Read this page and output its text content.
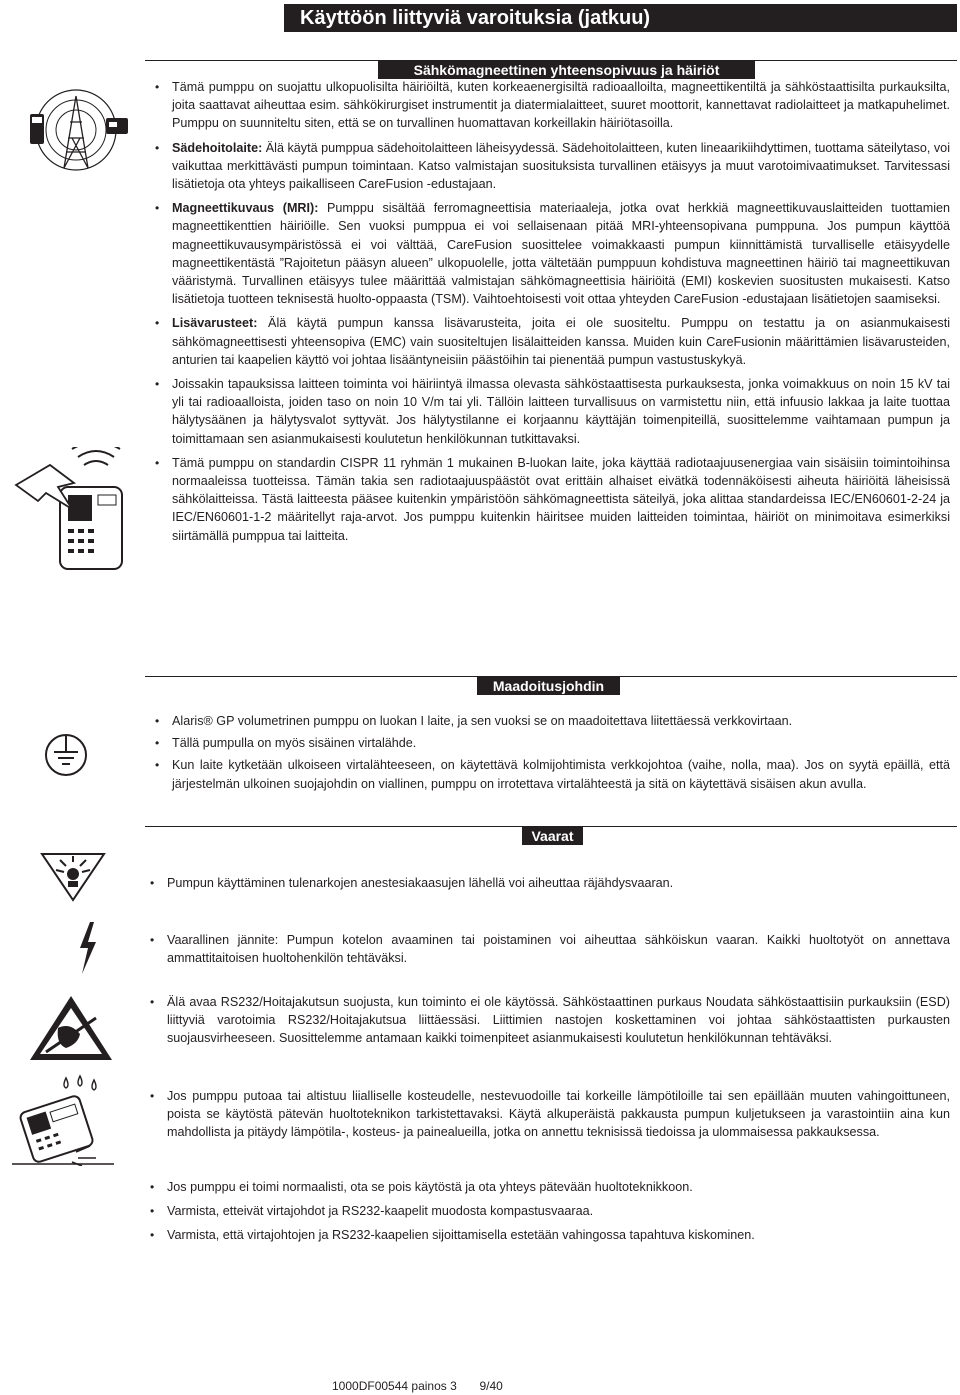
Käyttöön liittyviä varoituksia (jatkuu)
Sähkömagneettinen yhteensopivuus ja häiriöt
• Tämä pumppu on suojattu ulkopuolisilta häiriöiltä, kuten korkeaenergisiltä radioaalloilta, magneettikentiltä ja sähköstaattisilta purkauksilta, joita saattavat aiheuttaa esim. sähkökirurgiset instrumentit ja diatermialaitteet, suuret moottorit, kannettavat radiolaitteet ja matkapuhelimet. Pumppu on suunniteltu siten, että se on turvallinen huomattavan korkeillakin häiriötasoilla.
• Sädehoitolaite: Älä käytä pumppua sädehoitolaitteen läheisyydessä. Sädehoitolaitteen, kuten lineaarikiihdyttimen, tuottama säteilytaso, voi vaikuttaa merkittävästi pumpun toimintaan. Katso valmistajan suosituksista turvallinen etäisyys ja muut varotoimivaatimukset. Tarvitessasi lisätietoja ota yhteys paikalliseen CareFusion -edustajaan.
• Magneettikuvaus (MRI): Pumppu sisältää ferromagneettisia materiaaleja, jotka ovat herkkiä magneettikuvauslaitteiden tuottamien magneettikenttien häiriöille. Sen vuoksi pumppua ei voi sellaisenaan pitää MRI-yhteensopivana pumppuna. Jos pumpun käyttöä magneettikuvausympäristössä ei voi välttää, CareFusion suosittelee voimakkaasti pumpun kiinnittämistä turvalliselle etäisyydelle magneettikentästä ”Rajoitetun pääsyn alueen” ulkopuolelle, jotta vältetään pumppuun kohdistuva magneettinen häiriö tai magneettikuvan vääristymä. Turvallinen etäisyys tulee määrittää valmistajan sähkömagneettisia häiriöitä (EMI) koskevien suositusten mukaisesti. Katso lisätietoja tuotteen teknisestä huolto-oppaasta (TSM). Vaihtoehtoisesti voit ottaa yhteyden CareFusion -edustajaan lisätietojen saamiseksi.
• Lisävarusteet: Älä käytä pumpun kanssa lisävarusteita, joita ei ole suositeltu. Pumppu on testattu ja on asianmukaisesti sähkömagneettisesti yhteensopiva (EMC) vain suositeltujen lisälaitteiden kanssa. Muiden kuin CareFusionin määrittämien lisävarusteiden, anturien tai kaapelien käyttö voi johtaa lisääntyneisiin päästöihin tai pienentää pumpun vastustuskykyä.
• Joissakin tapauksissa laitteen toiminta voi häiriintyä ilmassa olevasta sähköstaattisesta purkauksesta, jonka voimakkuus on noin 15 kV tai yli tai radioaalloista, joiden taso on noin 10 V/m tai yli. Tällöin laitteen turvallisuus on varmistettu niin, että infuusio lakkaa ja laite tuottaa hälytysäänen ja hälytysvalot syttyvät. Jos hälytystilanne ei korjaannu käyttäjän toimenpiteillä, suosittelemme vaihtamaan pumpun ja toimittamaan sen asianmukaisesti koulutetun henkilökunnan tutkittavaksi.
• Tämä pumppu on standardin CISPR 11 ryhmän 1 mukainen B-luokan laite, joka käyttää radiotaajuusenergiaa vain sisäisiin toimintoihinsa normaaleissa tuotteissa. Tämän takia sen radiotaajuuspäästöt ovat erittäin alhaiset eivätkä todennäköisesti aiheuta häiriöitä läheisissä sähkölaitteissa. Tästä laitteesta pääsee kuitenkin ympäristöön sähkömagneettista säteilyä, joka alittaa standardeissa IEC/EN60601-2-24 ja IEC/EN60601-1-2 määritellyt raja-arvot. Jos pumppu kuitenkin häiritsee muiden laitteiden toimintaa, häiriöt on minimoitava esimerkiksi siirtämällä pumppua tai laitteita.
Maadoitusjohdin
• Alaris® GP volumetrinen pumppu on luokan I laite, ja sen vuoksi se on maadoitettava liitettäessä verkkovirtaan.
• Tällä pumpulla on myös sisäinen virtalähde.
• Kun laite kytketään ulkoiseen virtalähteeseen, on käytettävä kolmijohtimista verkkojohtoa (vaihe, nolla, maa). Jos on syytä epäillä, että järjestelmän ulkoinen suojajohdin on viallinen, pumppu on irrotettava virtalähteestä ja sitä on käytettävä sisäisen akun avulla.
Vaarat
• Pumpun käyttäminen tulenarkojen anestesiakaasujen lähellä voi aiheuttaa räjähdysvaaran.
• Vaarallinen jännite: Pumpun kotelon avaaminen tai poistaminen voi aiheuttaa sähköiskun vaaran. Kaikki huoltotyöt on annettava ammattitaitoisen huoltohenkilön tehtäväksi.
• Älä avaa RS232/Hoitajakutsun suojusta, kun toiminto ei ole käytössä. Sähköstaattinen purkaus Noudata sähköstaattisiin purkauksiin (ESD) liittyviä varotoimia RS232/Hoitajakutsua liittäessäsi. Liittimien nastojen koskettaminen voi johtaa sähköstaattisten purkausten suojausvirheeseen. Suosittelemme antamaan kaikki toimenpiteet asianmukaisesti koulutetun henkilökunnan tehtäväksi.
• Jos pumppu putoaa tai altistuu liialliselle kosteudelle, nestevuodoille tai korkeille lämpötiloille tai sen epäillään muuten vahingoittuneen, poista se käytöstä pätevän huoltoteknikon tarkistettavaksi. Käytä alkuperäistä pakkausta pumpun kuljetukseen ja varastointiin aina kun mahdollista ja pitäydy lämpötila-, kosteus- ja painealueilla, jotka on annettu teknisissä tiedoissa ja ulommaisessa pakkauksessa.
• Jos pumppu ei toimi normaalisti, ota se pois käytöstä ja ota yhteys pätevään huoltoteknikkoon.
• Varmista, etteivät virtajohdot ja RS232-kaapelit muodosta kompastusvaaraa.
• Varmista, että virtajohtojen ja RS232-kaapelien sijoittamisella estetään vahingossa tapahtuva kiskominen.
1000DF00544 painos 3 9/40
